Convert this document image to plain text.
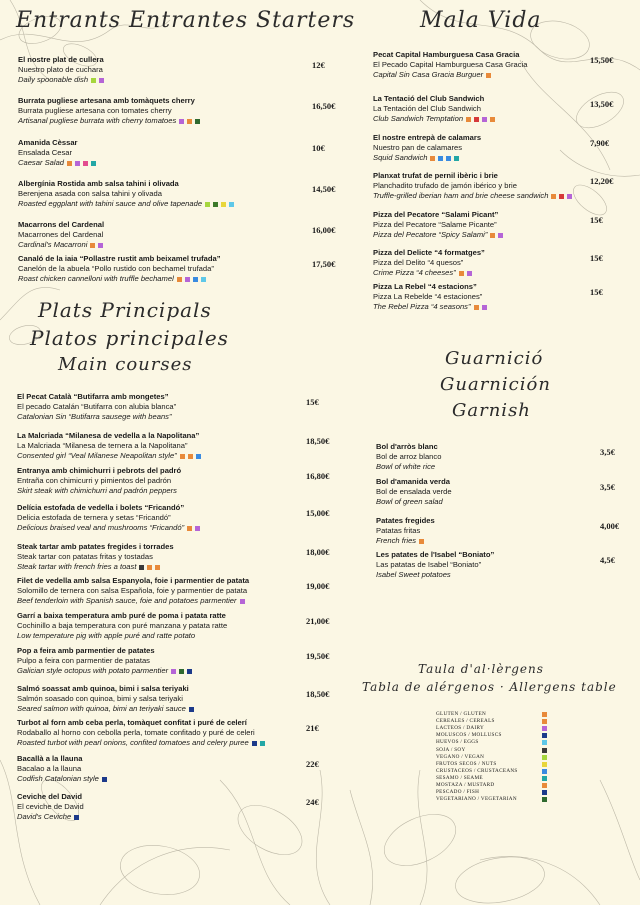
Entrants Entrantes Starters	Mala Vida
Plats Principals
Platos principales
Main courses	Guarnició
Guarnición
Garnish
Taula d'al·lèrgens
Tabla de alérgenos · Allergens table
El nostre plat de cullera
Nuestro plato de cuchara
Daily spoonable dish
12€
Burrata pugliese artesana amb tomàquets cherry
Burrata pugliese artesana con tomates cherry
Artisanal pugliese burrata with cherry tomatoes
16,50€
Amanida Cèssar
Ensalada Cesar
Caesar Salad
10€
Albergínia Rostida amb salsa tahini i olivada
Berenjena asada con salsa tahini y olivada
Roasted eggplant with tahini sauce and olive tapenade
14,50€
Macarrons del Cardenal
Macarrones del Cardenal
Cardinal's Macarroni
16,00€
Canaló de la iaia “Pollastre rustit amb beixamel trufada”
Canelón de la abuela “Pollo rustido con bechamel trufada”
Roast chicken cannelloni with truffle bechamel
17,50€
El Pecat Català “Butifarra amb mongetes”
El pecado Catalán “Butifarra con alubia blanca”
Catalonian Sin “Butifarra sausege with beans”
15€
La Malcriada “Milanesa de vedella a la Napolitana”
La Malcriada “Milanesa de ternera a la Napolitana”
Consented girl “Veal Milanese Neapolitan style”
18,50€
Entranya amb chimichurri i pebrots del padró
Entraña con chimicurri y pimientos del padrón
Skirt steak with chimichurri and padrón peppers
16,80€
Delícia estofada de vedella i bolets “Fricandó”
Delicia estofada de ternera y setas “Fricandó”
Delicious braised veal and mushrooms “Fricandó”
15,00€
Steak tartar amb patates fregides i torrades
Steak tartar con patatas fritas y tostadas
Steak tartar with french fries a toast
18,00€
Filet de vedella amb salsa Espanyola, foie i parmentier de patata
Solomillo de ternera con salsa Española, foie y parmentier de patata
Beef tenderloin with Spanish sauce, foie and potatoes parmentier
19,00€
Garrí a baixa temperatura amb puré de poma i patata ratte
Cochinillo a baja temperatura con puré manzana y patata ratte
Low temperature pig with apple puré and ratte potato
21,00€
Pop a feira amb parmentier de patates
Pulpo a feira con parmentier de patatas
Galician style octopus with potato parmentier
19,50€
Salmó soassat amb quinoa, bimi i salsa teriyaki
Salmón soasado con quinoa, bimi y salsa teriyaki
Seared salmon with quinoa, bimi an teriyaki sauce
18,50€
Turbot al forn amb ceba perla, tomàquet confitat i puré de celerí
Rodaballo al horno con cebolla perla, tomate confitado y puré de celeri
Roasted turbot with pearl onions, confited tomatoes and celery puree
21€
Bacallà a la llauna
Bacalao a la llauna
Codfish Catalonian style
22€
Ceviche del David
El ceviche de David
David's Ceviche
24€
Pecat Capital Hamburguesa Casa Gracia
El Pecado Capital Hamburguesa Casa Gracia
Capital Sin Casa Gracia Burguer
15,50€
La Tentació del Club Sandwich
La Tentación del Club Sandwich
Club Sandwich Temptation
13,50€
El nostre entrepà de calamars
Nuestro pan de calamares
Squid Sandwich
7,90€
Planxat trufat de pernil ibèric i brie
Planchadito trufado de jamón ibérico y brie
Truffle-grilled iberian ham and brie cheese sandwich
12,20€
Pizza del Pecatore “Salami Picant”
Pizza del Pecatore “Salame Picante”
Pizza del Pecatore “Spicy Salami”
15€
Pizza del Delicte “4 formatges”
Pizza del Delito “4 quesos”
Crime Pizza “4 cheeses”
15€
Pizza La Rebel “4 estacions”
Pizza La Rebelde “4 estaciones”
The Rebel Pizza “4 seasons”
15€
Bol d'arròs blanc
Bol de arroz blanco
Bowl of white rice
3,5€
Bol d'amanida verda
Bol de ensalada verde
Bowl of green salad
3,5€
Patates fregides
Patatas fritas
French fries
4,00€
Les patates de l'Isabel “Boniato”
Las patatas de Isabel “Boniato”
Isabel Sweet potatoes
4,5€
GLUTEN / GLUTEN
CEREALES / CEREALS
LACTEOS / DAIRY
MOLUSCOS / MOLLUSCS
HUEVOS / EGGS
SOJA / SOY
VEGANO / VEGAN
FRUTOS SECOS / NUTS
CRUSTACEOS / CRUSTACEANS
SESAMO / SEAME
MOSTAZA / MUSTARD
PESCADO / FISH
VEGETARIANO / VEGETARIAN
